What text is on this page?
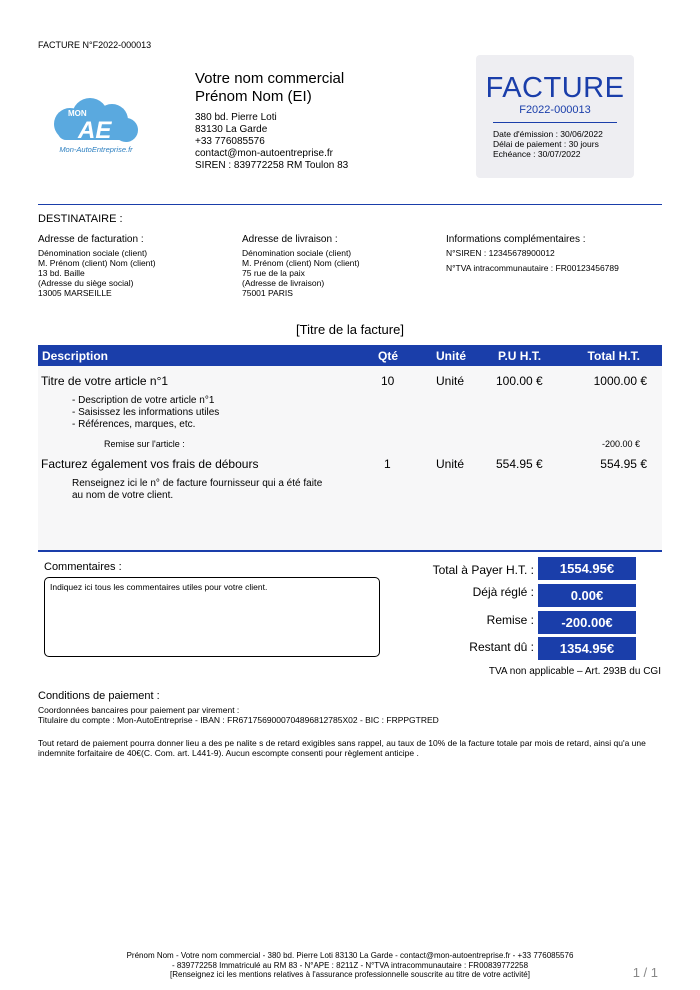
FACTURE N°F2022-000013
MON
AE
Mon-AutoEntreprise.fr
Votre nom commercial
Prénom Nom (EI)
380 bd. Pierre Loti
83130 La Garde
+33 776085576
contact@mon-autoentreprise.fr
SIREN : 839772258 RM Toulon 83
FACTURE
F2022-000013
Date d'émission : 30/06/2022
Délai de paiement : 30 jours
Echéance : 30/07/2022
DESTINATAIRE :
Adresse de facturation :
Dénomination sociale (client)
M. Prénom (client) Nom (client)
13 bd. Baille
(Adresse du siège social)
13005 MARSEILLE
Adresse de livraison :
Dénomination sociale (client)
M. Prénom (client) Nom (client)
75 rue de la paix
(Adresse de livraison)
75001 PARIS
Informations complémentaires :
N°SIREN : 12345678900012
N°TVA intracommunautaire : FR00123456789
[Titre de la facture]
Description	Qté	Unité	P.U H.T.	Total H.T.
Titre de votre article n°1	10	Unité	100.00 €	1000.00 €
- Description de votre article n°1
- Saisissez les informations utiles
- Références, marques, etc.
Remise sur l'article :	-200.00 €
Facturez également vos frais de débours	1	Unité	554.95 €	554.95 €
Renseignez ici le n° de facture fournisseur qui a été faite
au nom de votre client.
Commentaires :
Indiquez ici tous les commentaires utiles pour votre client.
Total à Payer H.T. :	1554.95€
Déjà réglé :	0.00€
Remise :	-200.00€
Restant dû :	1354.95€
TVA non applicable – Art. 293B du CGI
Conditions de paiement :
Coordonnées bancaires pour paiement par virement :
Titulaire du compte : Mon-AutoEntreprise - IBAN : FR6717569000704896812785X02 - BIC : FRPPGTRED
Tout retard de paiement pourra donner lieu a des pe nalite s de retard exigibles sans rappel, au taux de 10% de la facture totale par mois de retard, ainsi qu'a une indemnite forfaitaire de 40€(C. Com. art. L441-9). Aucun escompte consenti pour règlement anticipe .
Prénom Nom - Votre nom commercial - 380 bd. Pierre Loti 83130 La Garde - contact@mon-autoentreprise.fr - +33 776085576
- 839772258 Immatriculé au RM 83 - N°APE : 8211Z - N°TVA intracommunautaire : FR00839772258
[Renseignez ici les mentions relatives à l'assurance professionnelle souscrite au titre de votre activité]	1 / 1
